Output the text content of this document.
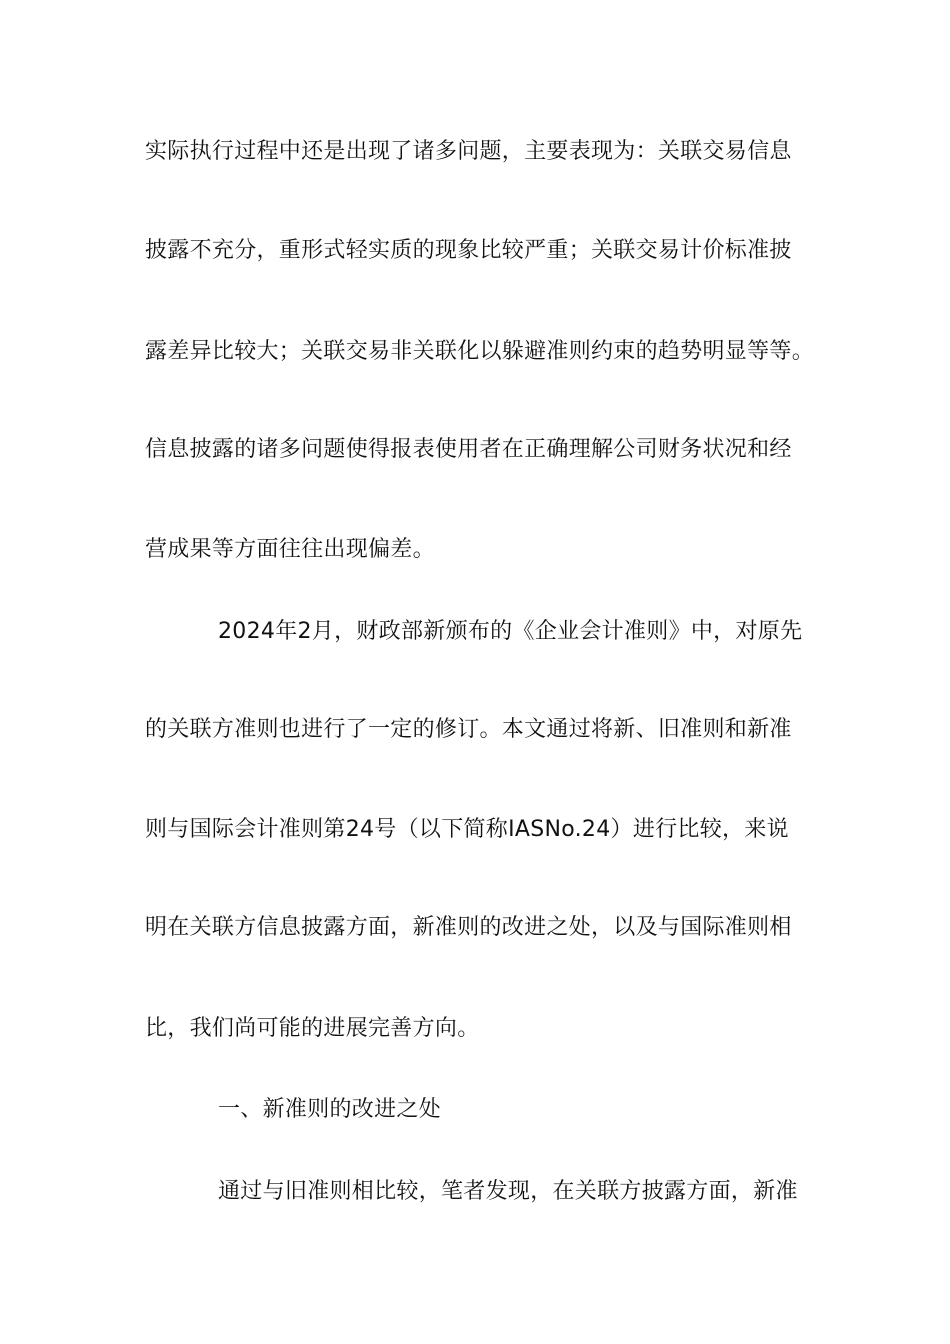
实际执行过程中还是出现了诸多问题，主要表现为：关联交易信息
披露不充分，重形式轻实质的现象比较严重；关联交易计价标准披
露差异比较大；关联交易非关联化以躲避准则约束的趋势明显等等。
信息披露的诸多问题使得报表使用者在正确理解公司财务状况和经
营成果等方面往往出现偏差。
2024年2月，财政部新颁布的《企业会计准则》中，对原先
的关联方准则也进行了一定的修订。本文通过将新、旧准则和新准
则与国际会计准则第24号（以下简称IASNo.24）进行比较，来说
明在关联方信息披露方面，新准则的改进之处，以及与国际准则相
比，我们尚可能的进展完善方向。
一、新准则的改进之处
通过与旧准则相比较，笔者发现，在关联方披露方面，新准
